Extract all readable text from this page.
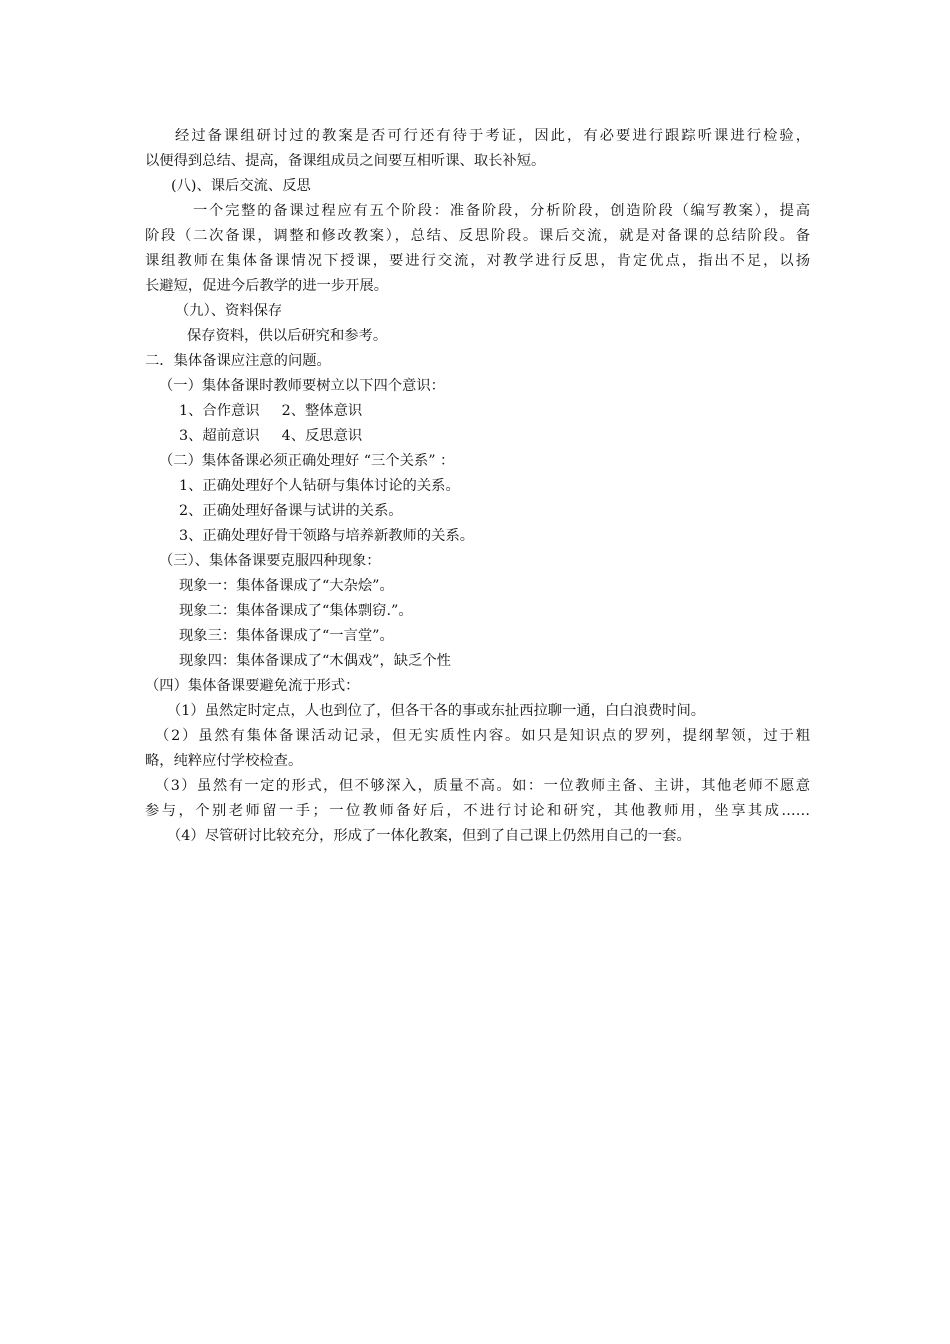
经过备课组研讨过的教案是否可行还有待于考证，因此，有必要进行跟踪听课进行检验，
以便得到总结、提高，备课组成员之间要互相听课、取长补短。
(八)、课后交流、反思
一个完整的备课过程应有五个阶段：准备阶段，分析阶段，创造阶段（编写教案），提高
阶段（二次备课，调整和修改教案），总结、反思阶段。课后交流，就是对备课的总结阶段。备
课组教师在集体备课情况下授课，要进行交流，对教学进行反思，肯定优点，指出不足，以扬
长避短，促进今后教学的进一步开展。
（九）、资料保存
保存资料，供以后研究和参考。
二．集体备课应注意的问题。
（一）集体备课时教师要树立以下四个意识：
1、合作意识 2、整体意识
3、超前意识 4、反思意识
（二）集体备课必须正确处理好 “三个关系” ：
1、正确处理好个人钻研与集体讨论的关系。
2、正确处理好备课与试讲的关系。
3、正确处理好骨干领路与培养新教师的关系。
（三）、集体备课要克服四种现象：
现象一：集体备课成了“大杂烩”。
现象二：集体备课成了“集体剽窃.”。
现象三：集体备课成了“一言堂”。
现象四：集体备课成了“木偶戏”，缺乏个性
（四）集体备课要避免流于形式：
（1）虽然定时定点，人也到位了，但各干各的事或东扯西拉聊一通，白白浪费时间。
（2）虽然有集体备课活动记录，但无实质性内容。如只是知识点的罗列，提纲挈领，过于粗
略，纯粹应付学校检查。
（3）虽然有一定的形式，但不够深入，质量不高。如：一位教师主备、主讲，其他老师不愿意
参与，个别老师留一手；一位教师备好后，不进行讨论和研究，其他教师用，坐享其成……
（4）尽管研讨比较充分，形成了一体化教案，但到了自己课上仍然用自己的一套。
